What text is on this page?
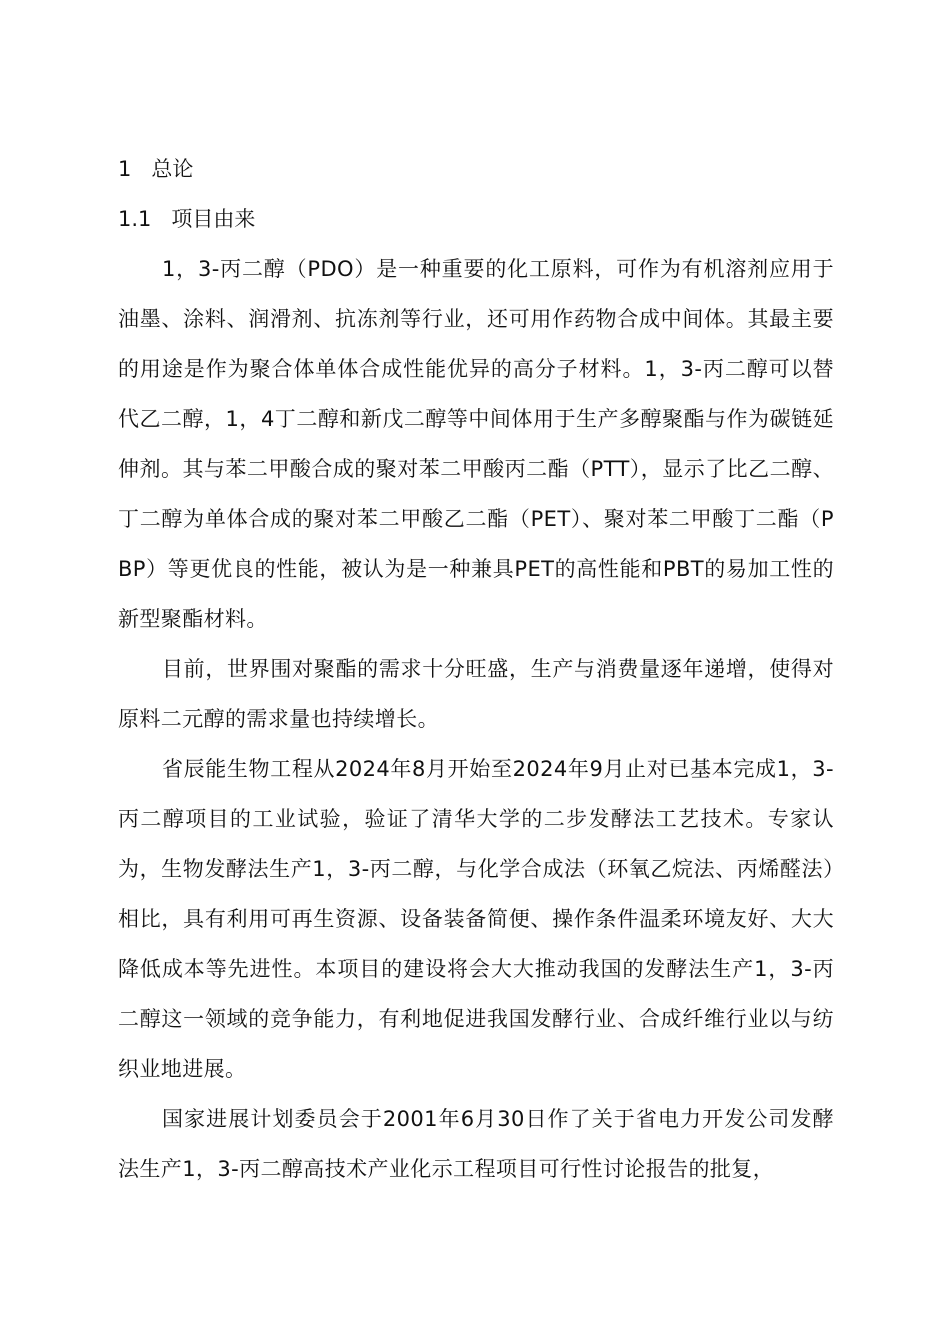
1 总论
1.1 项目由来

1，3-丙二醇（PDO）是一种重要的化工原料，可作为有机溶剂应用于油墨、涂料、润滑剂、抗冻剂等行业，还可用作药物合成中间体。其最主要的用途是作为聚合体单体合成性能优异的高分子材料。1，3-丙二醇可以替代乙二醇，1，4丁二醇和新戊二醇等中间体用于生产多醇聚酯与作为碳链延伸剂。其与苯二甲酸合成的聚对苯二甲酸丙二酯（PTT），显示了比乙二醇、丁二醇为单体合成的聚对苯二甲酸乙二酯（PET）、聚对苯二甲酸丁二酯（PBP）等更优良的性能，被认为是一种兼具PET的高性能和PBT的易加工性的新型聚酯材料。

目前，世界围对聚酯的需求十分旺盛，生产与消费量逐年递增，使得对原料二元醇的需求量也持续增长。

省辰能生物工程从2024年8月开始至2024年9月止对已基本完成1，3-丙二醇项目的工业试验，验证了清华大学的二步发酵法工艺技术。专家认为，生物发酵法生产1，3-丙二醇，与化学合成法（环氧乙烷法、丙烯醛法）相比，具有利用可再生资源、设备装备简便、操作条件温柔环境友好、大大降低成本等先进性。本项目的建设将会大大推动我国的发酵法生产1，3-丙二醇这一领域的竞争能力，有利地促进我国发酵行业、合成纤维行业以与纺织业地进展。

国家进展计划委员会于2001年6月30日作了关于省电力开发公司发酵法生产1，3-丙二醇高技术产业化示工程项目可行性讨论报告的批复，
